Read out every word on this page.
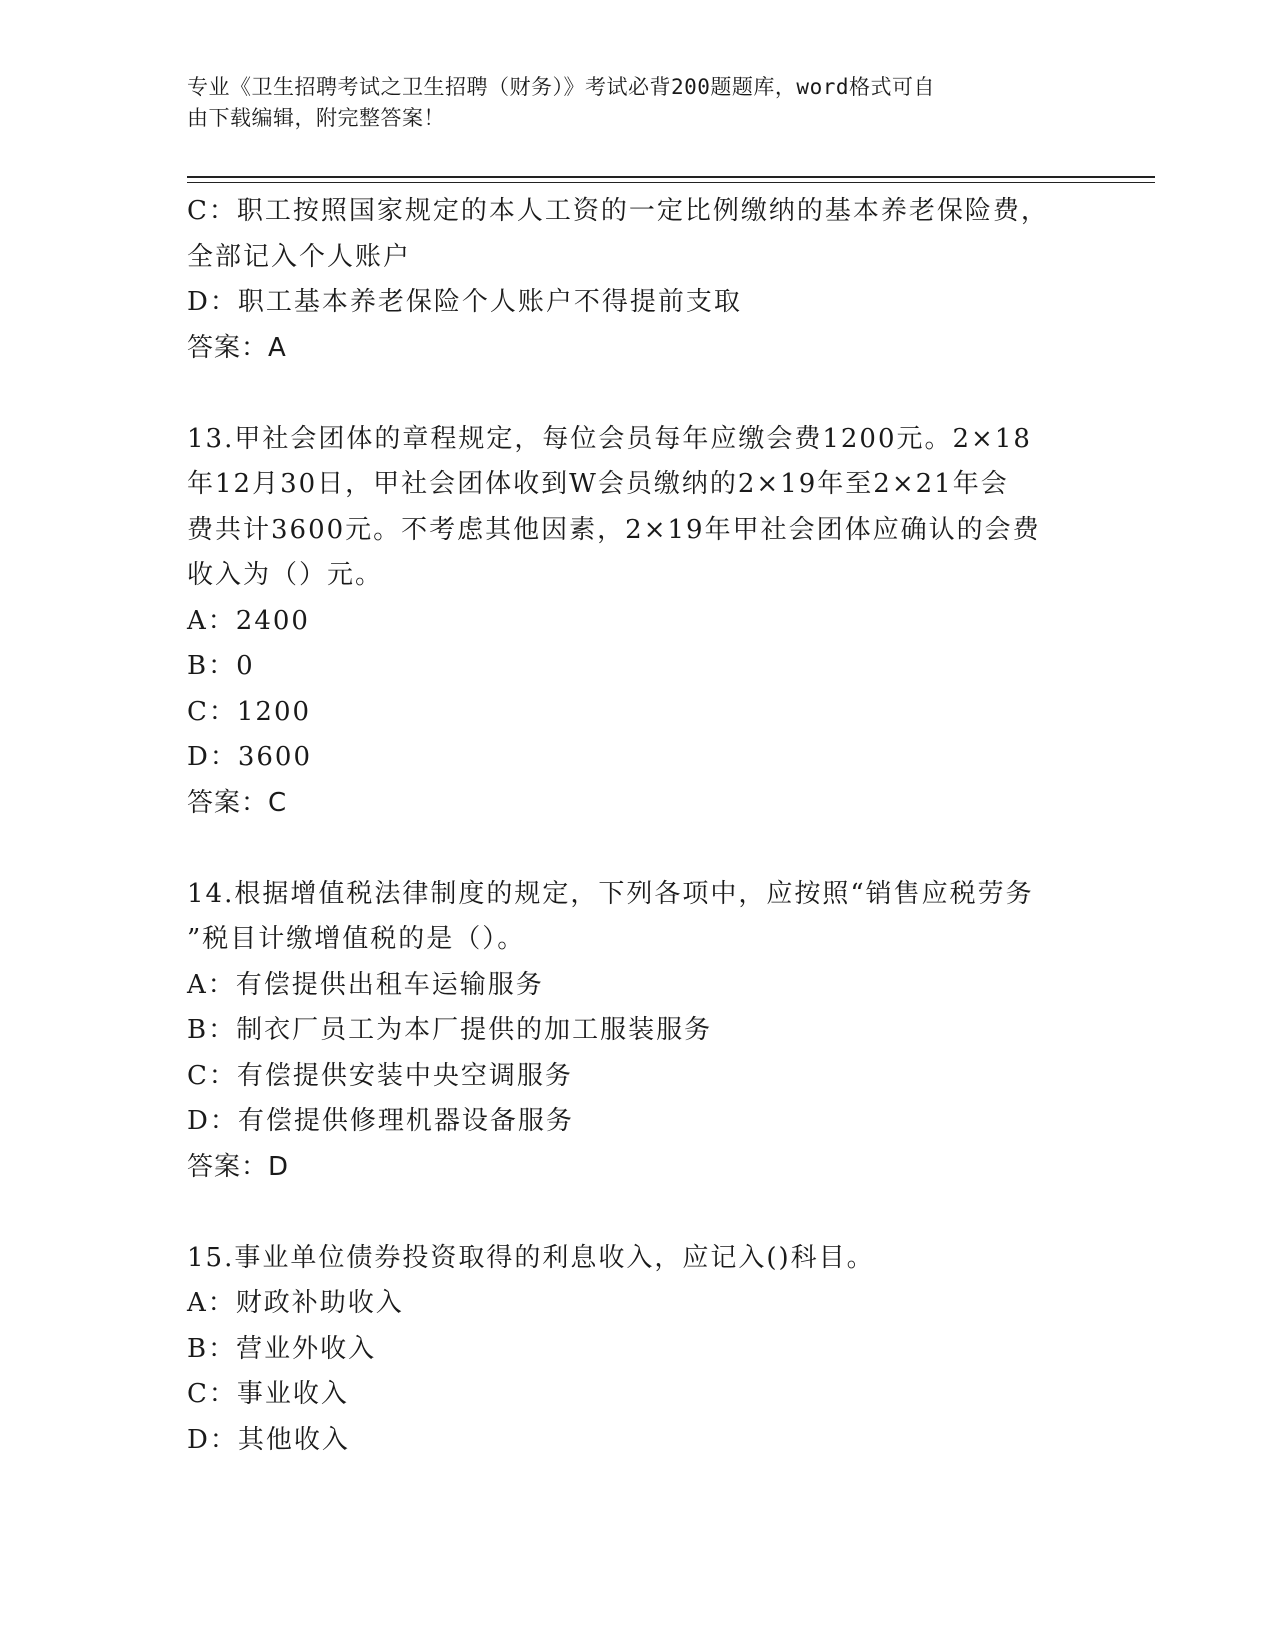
专业《卫生招聘考试之卫生招聘（财务）》考试必背200题题库，word格式可自
由下载编辑，附完整答案！
C：职工按照国家规定的本人工资的一定比例缴纳的基本养老保险费，
全部记入个人账户
D：职工基本养老保险个人账户不得提前支取
答案：A
13.甲社会团体的章程规定，每位会员每年应缴会费1200元。2×18
年12月30日，甲社会团体收到W会员缴纳的2×19年至2×21年会
费共计3600元。不考虑其他因素，2×19年甲社会团体应确认的会费
收入为（）元。
A：2400
B：0
C：1200
D：3600
答案：C
14.根据增值税法律制度的规定，下列各项中，应按照“销售应税劳务
”税目计缴增值税的是（）。
A：有偿提供出租车运输服务
B：制衣厂员工为本厂提供的加工服装服务
C：有偿提供安装中央空调服务
D：有偿提供修理机器设备服务
答案：D
15.事业单位债券投资取得的利息收入，应记入()科目。
A：财政补助收入
B：营业外收入
C：事业收入
D：其他收入
